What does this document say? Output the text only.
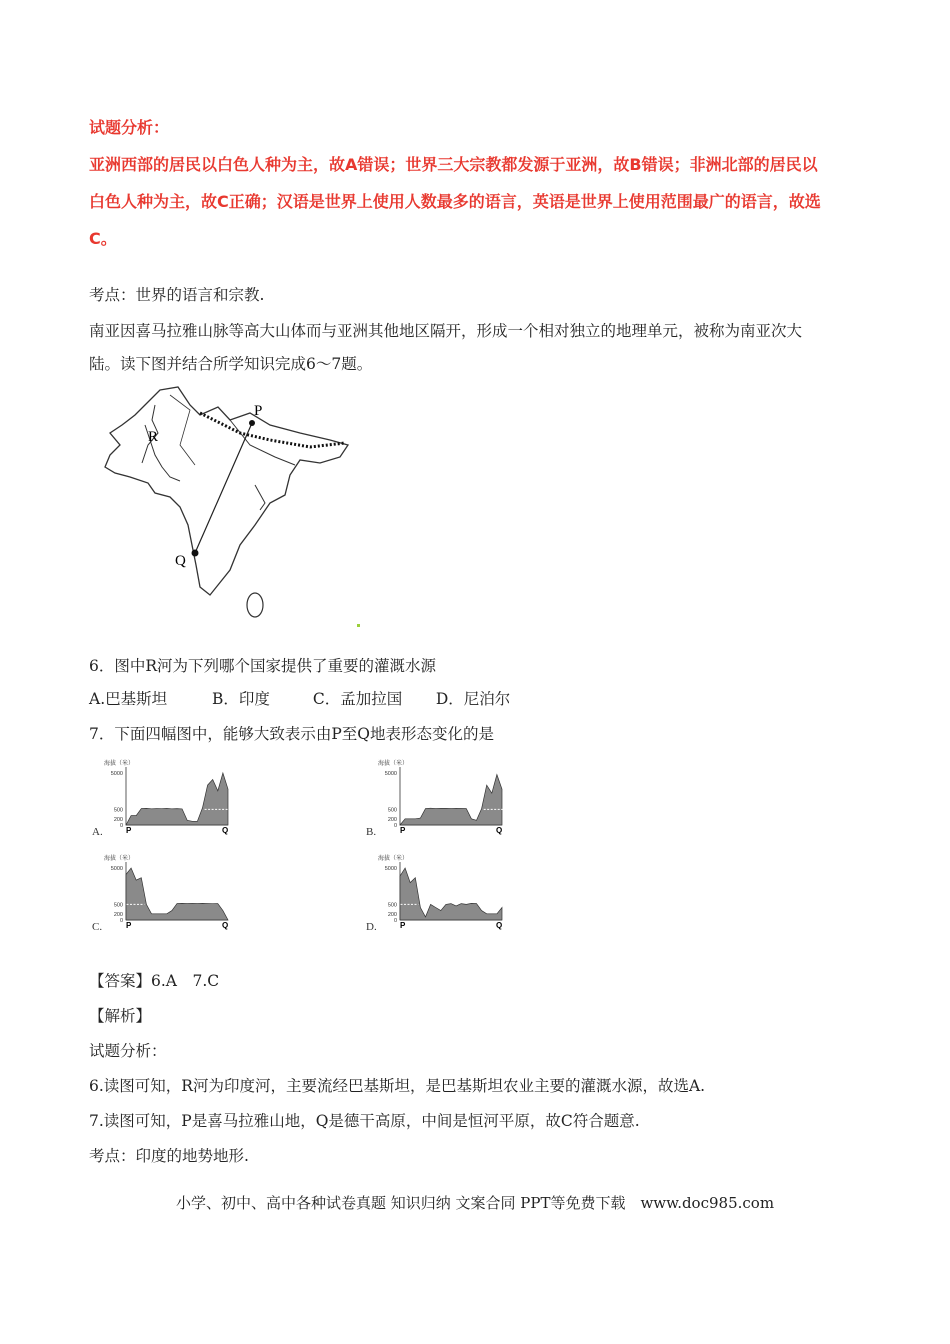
试题分析：
亚洲西部的居民以白色人种为主，故A错误；世界三大宗教都发源于亚洲，故B错误；非洲北部的居民以
白色人种为主，故C正确；汉语是世界上使用人数最多的语言，英语是世界上使用范围最广的语言，故选
C。
考点：世界的语言和宗教.
南亚因喜马拉雅山脉等高大山体而与亚洲其他地区隔开，形成一个相对独立的地理单元，被称为南亚次大
陆。读下图并结合所学知识完成6～7题。
R
P
Q
6．图中R河为下列哪个国家提供了重要的灌溉水源
A.巴基斯坦	B．印度	C．孟加拉国 D．尼泊尔
7．下面四幅图中，能够大致表示由P至Q地表形态变化的是
海拔（米）
5000
500
200
0 P	Q
A.
海拔（米）
5000
500
200
0 P	Q
B.
海拔（米）
5000
500
200
0 P	Q
C.
海拔（米）
5000
500
200
0 P	Q
D.
【答案】6.A　7.C
【解析】
试题分析：
6.读图可知，R河为印度河，主要流经巴基斯坦，是巴基斯坦农业主要的灌溉水源，故选A.
7.读图可知，P是喜马拉雅山地，Q是德干高原，中间是恒河平原，故C符合题意.
考点：印度的地势地形.
小学、初中、高中各种试卷真题 知识归纳 文案合同 PPT等免费下载　www.doc985.com
